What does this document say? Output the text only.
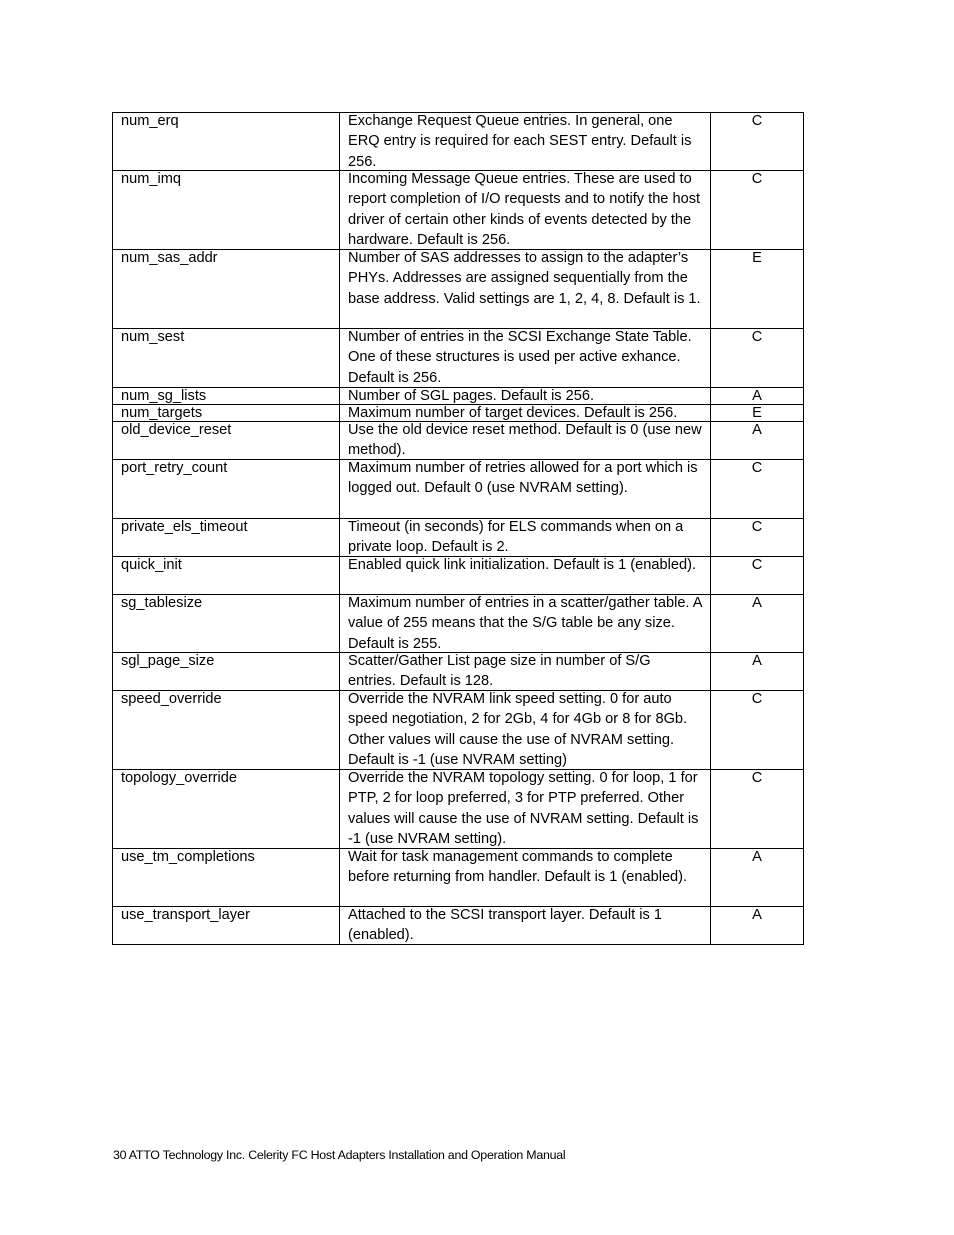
num_erq	Exchange Request Queue entries. In general, one ERQ entry is required for each SEST entry. Default is 256.	C

num_imq	Incoming Message Queue entries. These are used to report completion of I/O requests and to notify the host driver of certain other kinds of events detected by the hardware. Default is 256.	C

num_sas_addr	Number of SAS addresses to assign to the adapter’s PHYs. Addresses are assigned sequentially from the base address. Valid settings are 1, 2, 4, 8. Default is 1.	E

num_sest	Number of entries in the SCSI Exchange State Table. One of these structures is used per active exhance. Default is 256.	C

num_sg_lists	Number of SGL pages. Default is 256.	A

num_targets	Maximum number of target devices. Default is 256.	E

old_device_reset	Use the old device reset method. Default is 0 (use new method).	A

port_retry_count	Maximum number of retries allowed for a port which is logged out. Default 0 (use NVRAM setting).	C

private_els_timeout	Timeout (in seconds) for ELS commands when on a private loop. Default is 2.	C

quick_init	Enabled quick link initialization. Default is 1 (enabled).	C

sg_tablesize	Maximum number of entries in a scatter/gather table. A value of 255 means that the S/G table be any size. Default is 255.	A

sgl_page_size	Scatter/Gather List page size in number of S/G entries. Default is 128.	A

speed_override	Override the NVRAM link speed setting. 0 for auto speed negotiation, 2 for 2Gb, 4 for 4Gb or 8 for 8Gb. Other values will cause the use of NVRAM setting. Default is -1 (use NVRAM setting)	C

topology_override	Override the NVRAM topology setting. 0 for loop, 1 for PTP, 2 for loop preferred, 3 for PTP preferred. Other values will cause the use of NVRAM setting. Default is -1 (use NVRAM setting).	C

use_tm_completions	Wait for task management commands to complete before returning from handler. Default is 1 (enabled).	A

use_transport_layer	Attached to the SCSI transport layer. Default is 1 (enabled).	A
30 ATTO Technology Inc. Celerity FC Host Adapters Installation and Operation Manual
